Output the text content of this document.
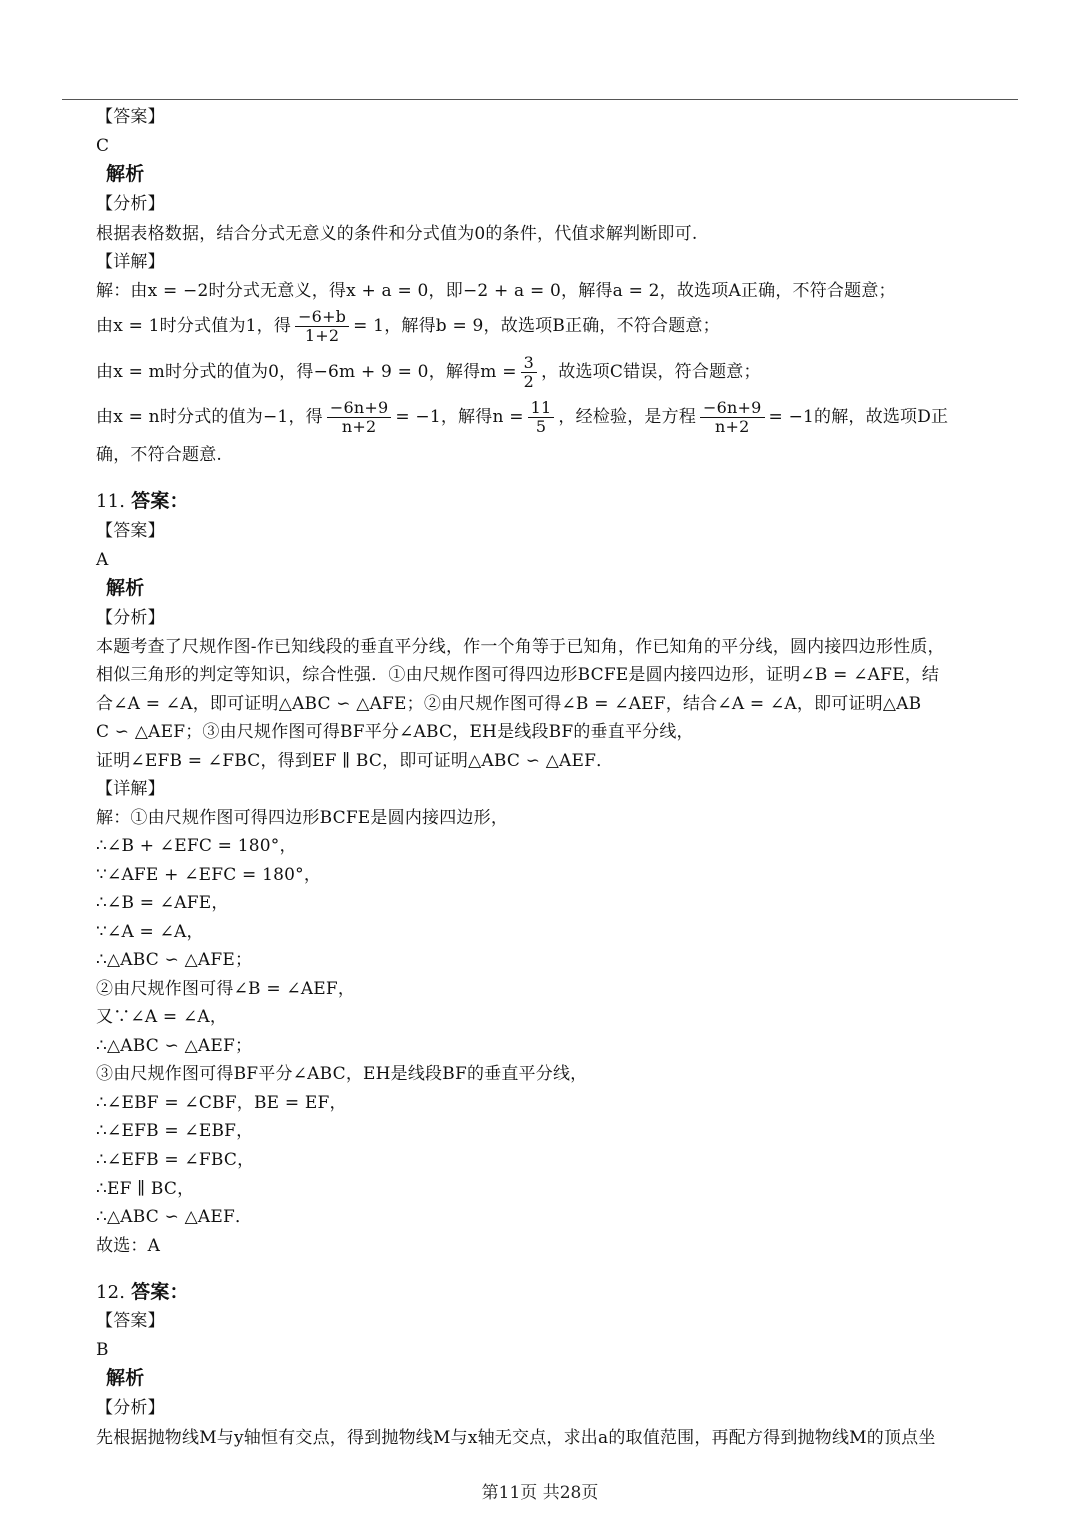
【答案】
C
解析
【分析】
根据表格数据，结合分式无意义的条件和分式值为0的条件，代值求解判断即可.
【详解】
解：由x = −2时分式无意义，得x + a = 0，即−2 + a = 0，解得a = 2，故选项A正确，不符合题意；
由x = 1时分式值为1，得 $\frac{-6+b}{1+2} = 1$，解得b = 9，故选项B正确，不符合题意；
由x = m时分式的值为0，得−6m + 9 = 0，解得$m = \frac{3}{2}$ ，故选项C错误，符合题意；
由x = n时分式的值为−1，得 $\frac{-6n+9}{n+2} = -1$，解得$n = \frac{11}{5}$ ，经检验，是方程 $\frac{-6n+9}{n+2} = -1$的解，故选项D正
确，不符合题意.
11. 答案：
【答案】
A
解析
【分析】
本题考查了尺规作图-作已知线段的垂直平分线，作一个角等于已知角，作已知角的平分线，圆内接四边形性质，
相似三角形的判定等知识，综合性强．①由尺规作图可得四边形BCFE是圆内接四边形，证明∠B = ∠AFE，结
合∠A = ∠A，即可证明△ABC ∽ △AFE；②由尺规作图可得∠B = ∠AEF，结合∠A = ∠A，即可证明△AB
C ∽ △AEF；③由尺规作图可得BF平分∠ABC，EH是线段BF的垂直平分线，
证明∠EFB = ∠FBC，得到EF ∥ BC，即可证明△ABC ∽ △AEF．
【详解】
解：①由尺规作图可得四边形BCFE是圆内接四边形，
∴∠B + ∠EFC = 180°，
∵∠AFE + ∠EFC = 180°，
∴∠B = ∠AFE，
∵∠A = ∠A，
∴△ABC ∽ △AFE；
②由尺规作图可得∠B = ∠AEF，
又∵∠A = ∠A，
∴△ABC ∽ △AEF；
③由尺规作图可得BF平分∠ABC，EH是线段BF的垂直平分线，
∴∠EBF = ∠CBF，BE = EF，
∴∠EFB = ∠EBF，
∴∠EFB = ∠FBC，
∴EF ∥ BC，
∴△ABC ∽ △AEF．
故选：A
12. 答案：
【答案】
B
解析
【分析】
先根据抛物线M与y轴恒有交点，得到抛物线M与x轴无交点，求出a的取值范围，再配方得到抛物线M的顶点坐
第11页 共28页
